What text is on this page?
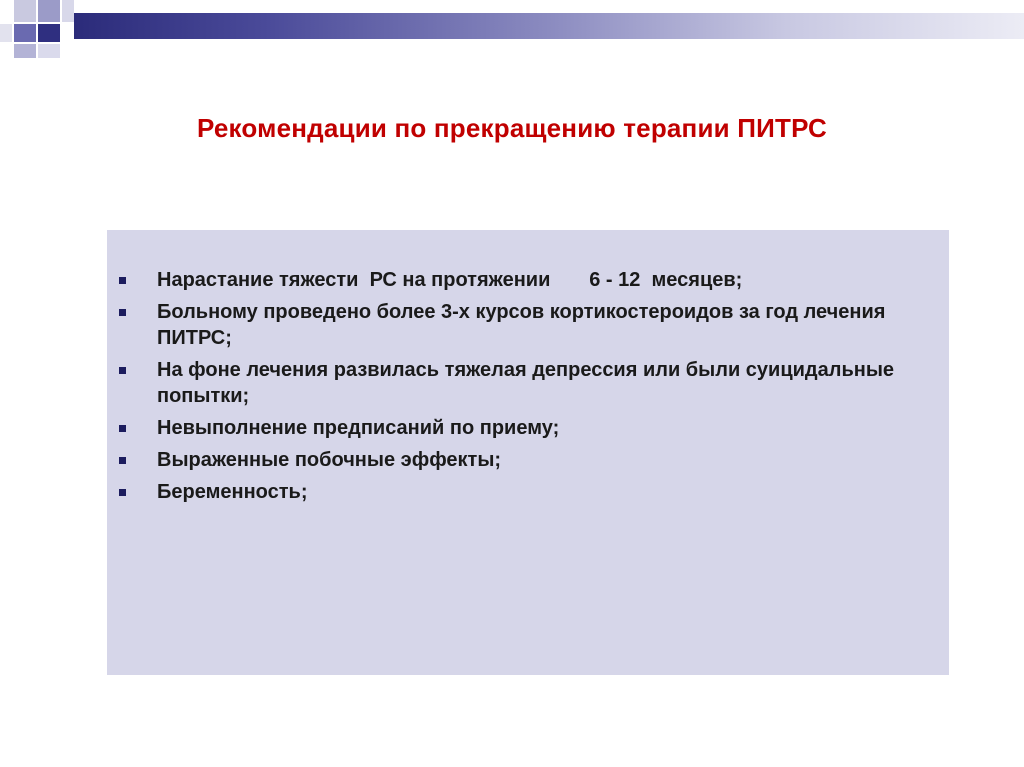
Рекомендации по прекращению терапии ПИТРС
Нарастание тяжести  РС на протяжении       6 - 12  месяцев;
Больному проведено более 3-х курсов кортикостероидов за год лечения ПИТРС;
На фоне лечения развилась тяжелая депрессия или были суицидальные попытки;
Невыполнение предписаний по приему;
Выраженные побочные эффекты;
Беременность;
